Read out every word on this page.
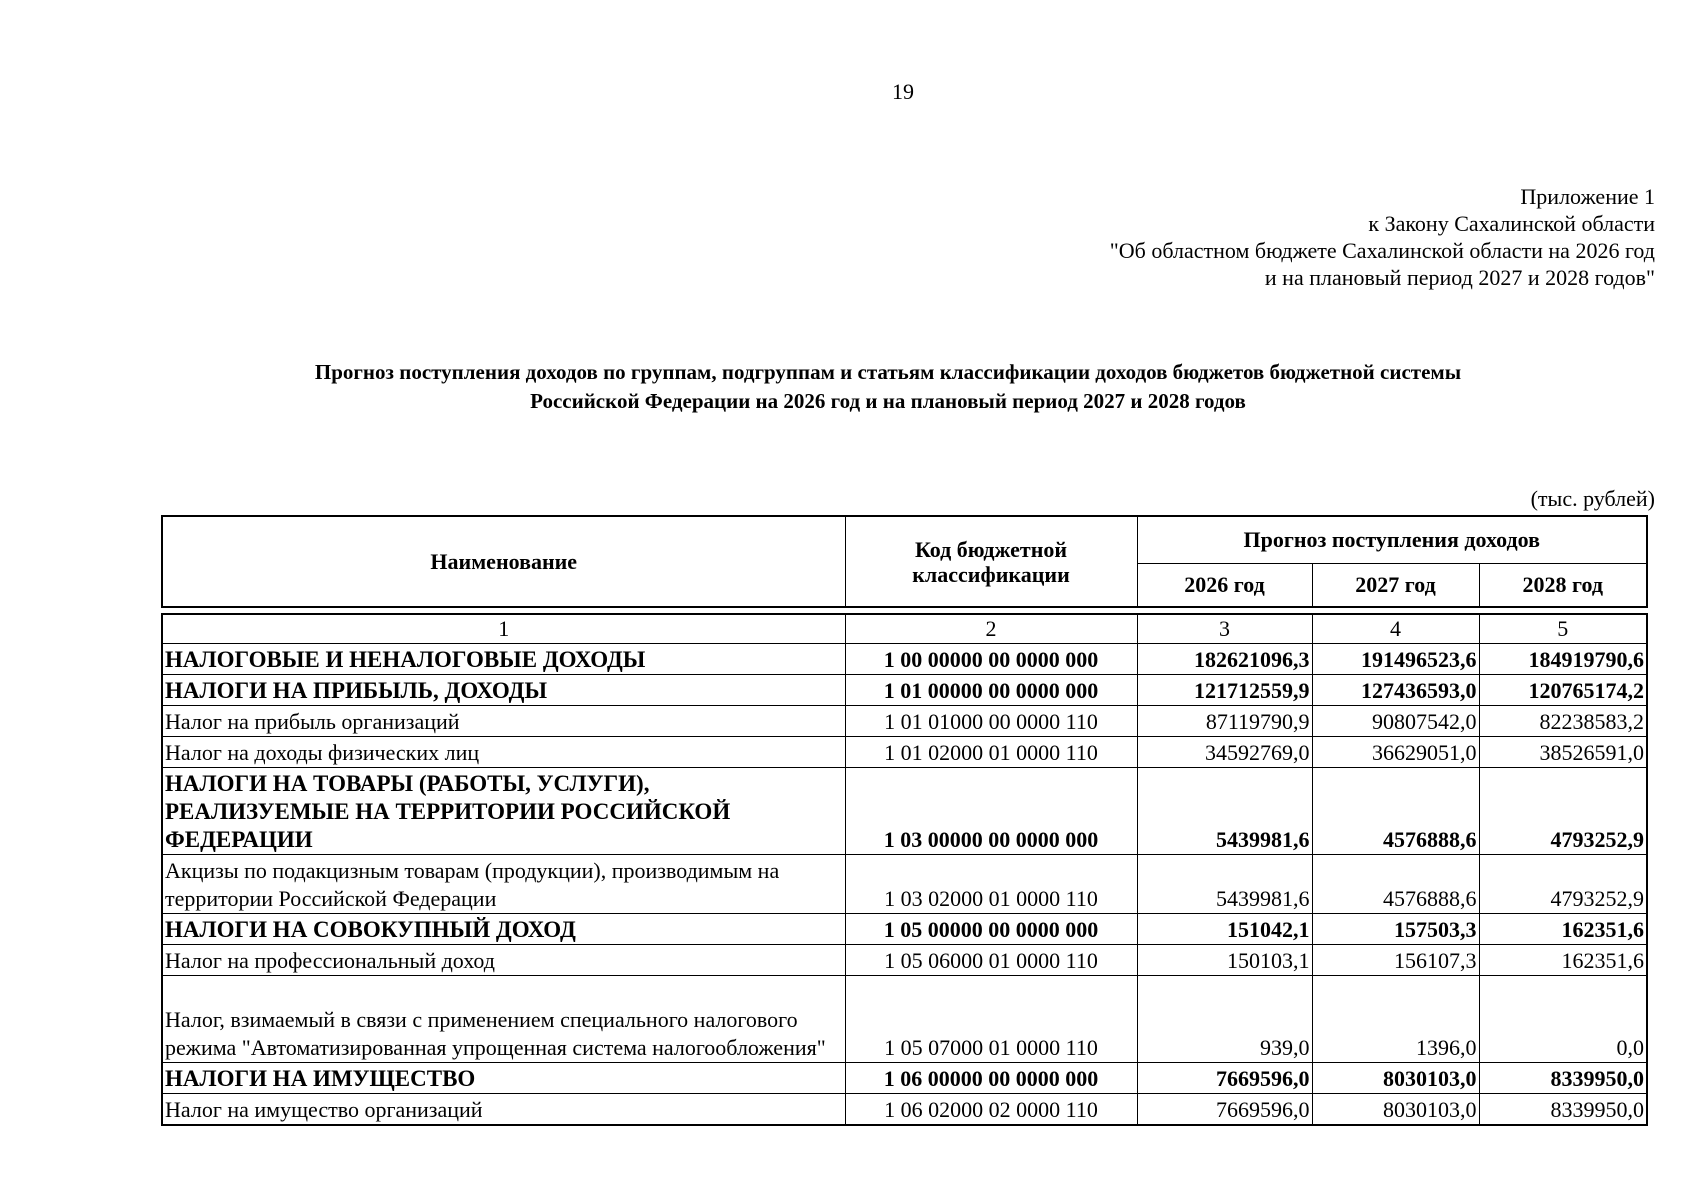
19
Приложение 1
к Закону Сахалинской области
"Об областном бюджете Сахалинской области на 2026 год
и на плановый период 2027 и 2028 годов"
Прогноз поступления доходов по группам, подгруппам и статьям классификации доходов бюджетов бюджетной системы
Российской Федерации на 2026 год и на плановый период 2027 и 2028 годов
(тыс. рублей)
Наименование	Код бюджетной классификации	Прогноз поступления доходов		
		2026 год	2027 год	2028 год
1	2	3	4	5
НАЛОГОВЫЕ И НЕНАЛОГОВЫЕ ДОХОДЫ	1 00 00000 00 0000 000	182621096,3	191496523,6	184919790,6
НАЛОГИ НА ПРИБЫЛЬ, ДОХОДЫ	1 01 00000 00 0000 000	121712559,9	127436593,0	120765174,2
Налог на прибыль организаций	1 01 01000 00 0000 110	87119790,9	90807542,0	82238583,2
Налог на доходы физических лиц	1 01 02000 01 0000 110	34592769,0	36629051,0	38526591,0
НАЛОГИ НА ТОВАРЫ (РАБОТЫ, УСЛУГИ), РЕАЛИЗУЕМЫЕ НА ТЕРРИТОРИИ РОССИЙСКОЙ ФЕДЕРАЦИИ	1 03 00000 00 0000 000	5439981,6	4576888,6	4793252,9
Акцизы по подакцизным товарам (продукции), производимым на территории Российской Федерации	1 03 02000 01 0000 110	5439981,6	4576888,6	4793252,9
НАЛОГИ НА СОВОКУПНЫЙ ДОХОД	1 05 00000 00 0000 000	151042,1	157503,3	162351,6
Налог на профессиональный доход	1 05 06000 01 0000 110	150103,1	156107,3	162351,6
Налог, взимаемый в связи с применением специального налогового режима "Автоматизированная упрощенная система налогообложения"	1 05 07000 01 0000 110	939,0	1396,0	0,0
НАЛОГИ НА ИМУЩЕСТВО	1 06 00000 00 0000 000	7669596,0	8030103,0	8339950,0
Налог на имущество организаций	1 06 02000 02 0000 110	7669596,0	8030103,0	8339950,0
